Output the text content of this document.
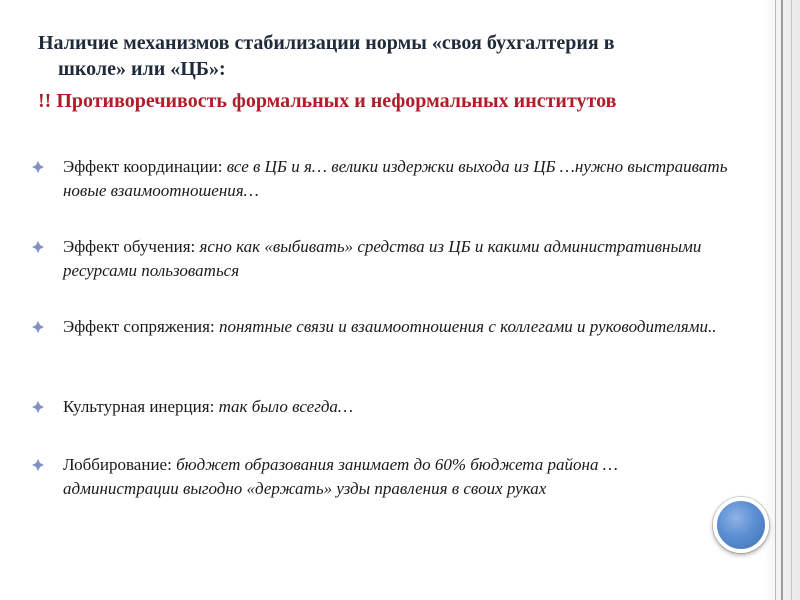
Наличие механизмов стабилизации нормы «своя бухгалтерия в
школе» или «ЦБ»:
!! Противоречивость формальных и неформальных институтов
Эффект координации: все в ЦБ и я… велики издержки выхода из ЦБ …нужно выстраивать новые взаимоотношения…
Эффект обучения: ясно как «выбивать» средства из ЦБ и какими административными ресурсами пользоваться
Эффект сопряжения: понятные связи и взаимоотношения с коллегами и руководителями..
Культурная инерция: так было всегда…
Лоббирование: бюджет образования занимает до 60% бюджета района … администрации выгодно «держать» узды правления в своих руках
